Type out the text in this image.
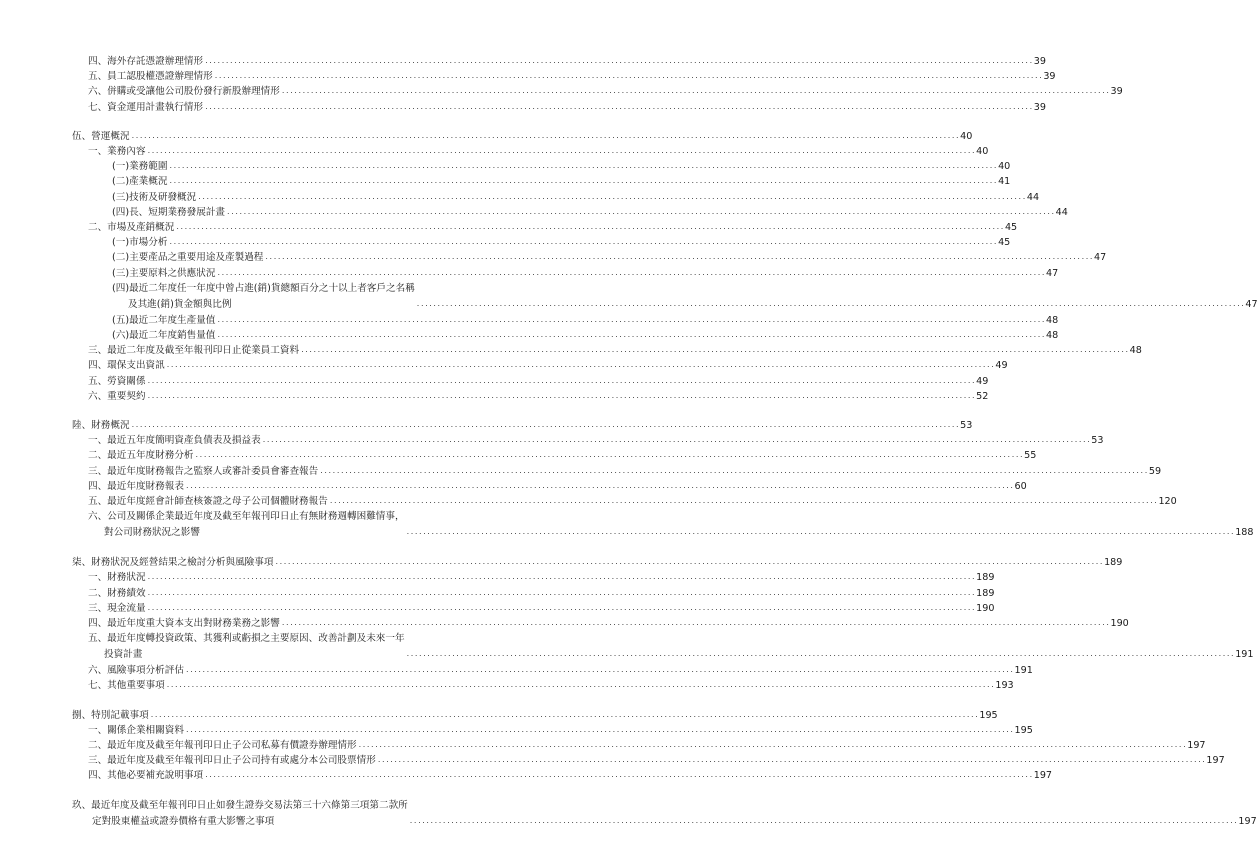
四、海外存託憑證辦理情形 ........................................................................................................................................................................................................ 39
五、員工認股權憑證辦理情形 ........................................................................................................................................................................................................ 39
六、併購或受讓他公司股份發行新股辦理情形 ........................................................................................................................................................................................................ 39
七、資金運用計畫執行情形 ........................................................................................................................................................................................................ 39
伍、營運概況 ........................................................................................................................................................................................................ 40
一、業務內容 ........................................................................................................................................................................................................ 40
(一)業務範圍 ........................................................................................................................................................................................................ 40
(二)產業概況 ........................................................................................................................................................................................................ 41
(三)技術及研發概況 ........................................................................................................................................................................................................ 44
(四)長、短期業務發展計畫 ........................................................................................................................................................................................................ 44
二、市場及產銷概況 ........................................................................................................................................................................................................ 45
(一)市場分析 ........................................................................................................................................................................................................ 45
(二)主要產品之重要用途及產製過程 ........................................................................................................................................................................................................ 47
(三)主要原料之供應狀況 ........................................................................................................................................................................................................ 47
(四)最近二年度任一年度中曾占進(銷)貨總額百分之十以上者客戶之名稱
及其進(銷)貨金額與比例	........................................................................................................................................................................................................ 47
(五)最近二年度生產量值 ........................................................................................................................................................................................................ 48
(六)最近二年度銷售量值 ........................................................................................................................................................................................................ 48
三、最近二年度及截至年報刊印日止從業員工資料 ........................................................................................................................................................................................................ 48
四、環保支出資訊 ........................................................................................................................................................................................................ 49
五、勞資關係 ........................................................................................................................................................................................................ 49
六、重要契約 ........................................................................................................................................................................................................ 52
陸、財務概況 ........................................................................................................................................................................................................ 53
一、最近五年度簡明資產負債表及損益表 ........................................................................................................................................................................................................ 53
二、最近五年度財務分析 ........................................................................................................................................................................................................ 55
三、最近年度財務報告之監察人或審計委員會審查報告 ........................................................................................................................................................................................................ 59
四、最近年度財務報表 ........................................................................................................................................................................................................ 60
五、最近年度經會計師查核簽證之母子公司個體財務報告 ........................................................................................................................................................................................................ 120
六、公司及關係企業最近年度及截至年報刊印日止有無財務週轉困難情事，
對公司財務狀況之影響	........................................................................................................................................................................................................ 188
柒、財務狀況及經營結果之檢討分析與風險事項 ........................................................................................................................................................................................................ 189
一、財務狀況 ........................................................................................................................................................................................................ 189
二、財務績效 ........................................................................................................................................................................................................ 189
三、現金流量 ........................................................................................................................................................................................................ 190
四、最近年度重大資本支出對財務業務之影響 ........................................................................................................................................................................................................ 190
五、最近年度轉投資政策、其獲利或虧損之主要原因、改善計劃及未來一年
投資計畫	........................................................................................................................................................................................................ 191
六、風險事項分析評估 ........................................................................................................................................................................................................ 191
七、其他重要事項 ........................................................................................................................................................................................................ 193
捌、特別記載事項 ........................................................................................................................................................................................................ 195
一、關係企業相關資料 ........................................................................................................................................................................................................ 195
二、最近年度及截至年報刊印日止子公司私募有價證券辦理情形 ........................................................................................................................................................................................................ 197
三、最近年度及截至年報刊印日止子公司持有或處分本公司股票情形 ........................................................................................................................................................................................................ 197
四、其他必要補充說明事項 ........................................................................................................................................................................................................ 197
玖、最近年度及截至年報刊印日止如發生證券交易法第三十六條第三項第二款所
定對股東權益或證券價格有重大影響之事項	........................................................................................................................................................................................................ 197
